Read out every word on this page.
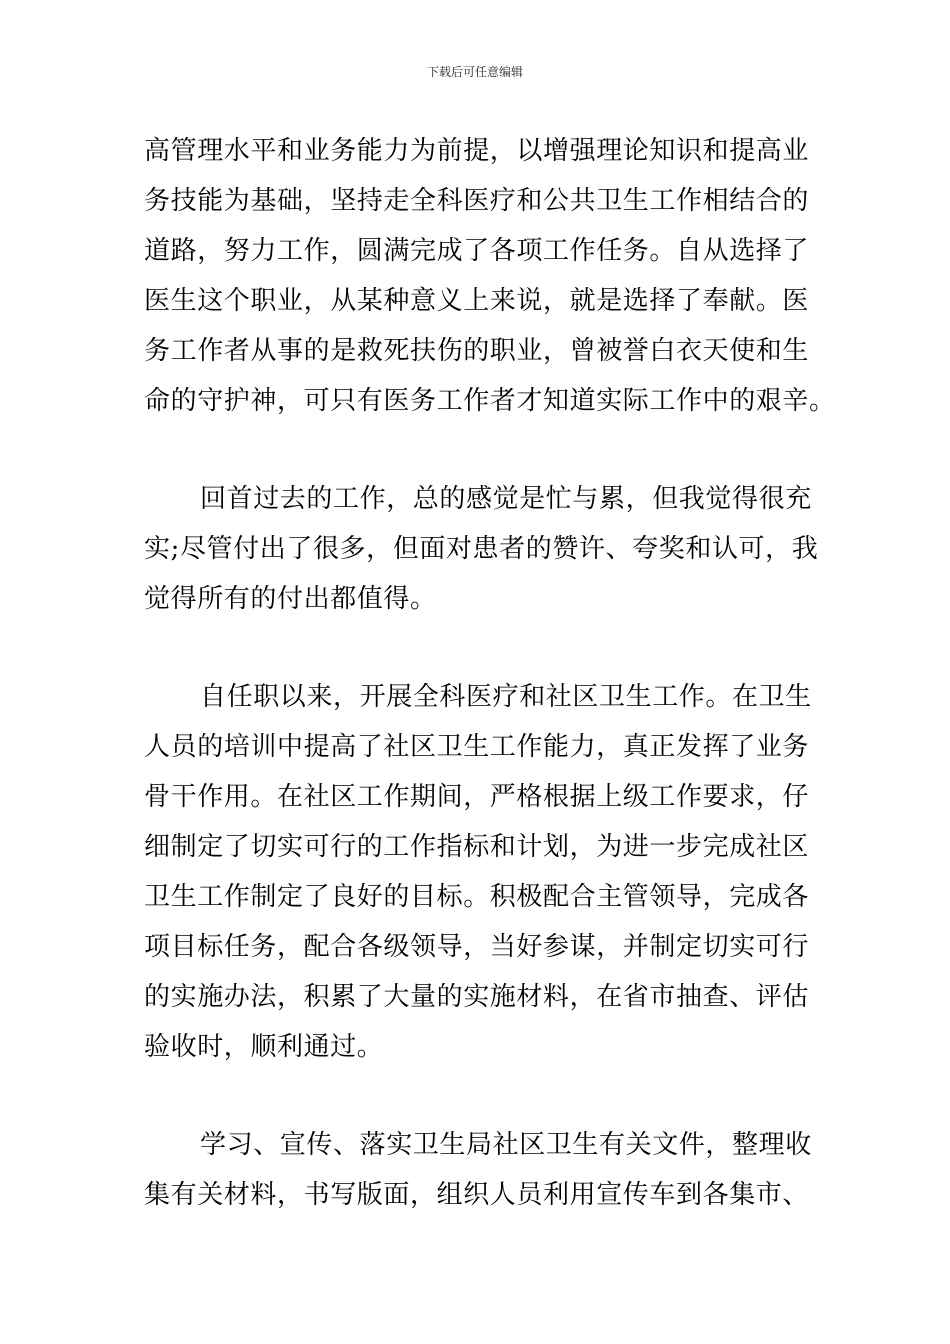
下载后可任意编辑
高管理水平和业务能力为前提，以增强理论知识和提高业
务技能为基础，坚持走全科医疗和公共卫生工作相结合的
道路，努力工作，圆满完成了各项工作任务。自从选择了
医生这个职业，从某种意义上来说，就是选择了奉献。医
务工作者从事的是救死扶伤的职业，曾被誉白衣天使和生
命的守护神，可只有医务工作者才知道实际工作中的艰辛。
回首过去的工作，总的感觉是忙与累，但我觉得很充
实;尽管付出了很多，但面对患者的赞许、夸奖和认可，我
觉得所有的付出都值得。
自任职以来，开展全科医疗和社区卫生工作。在卫生
人员的培训中提高了社区卫生工作能力，真正发挥了业务
骨干作用。在社区工作期间，严格根据上级工作要求，仔
细制定了切实可行的工作指标和计划，为进一步完成社区
卫生工作制定了良好的目标。积极配合主管领导，完成各
项目标任务，配合各级领导，当好参谋，并制定切实可行
的实施办法，积累了大量的实施材料，在省市抽查、评估
验收时，顺利通过。
学习、宣传、落实卫生局社区卫生有关文件，整理收
集有关材料，书写版面，组织人员利用宣传车到各集市、
